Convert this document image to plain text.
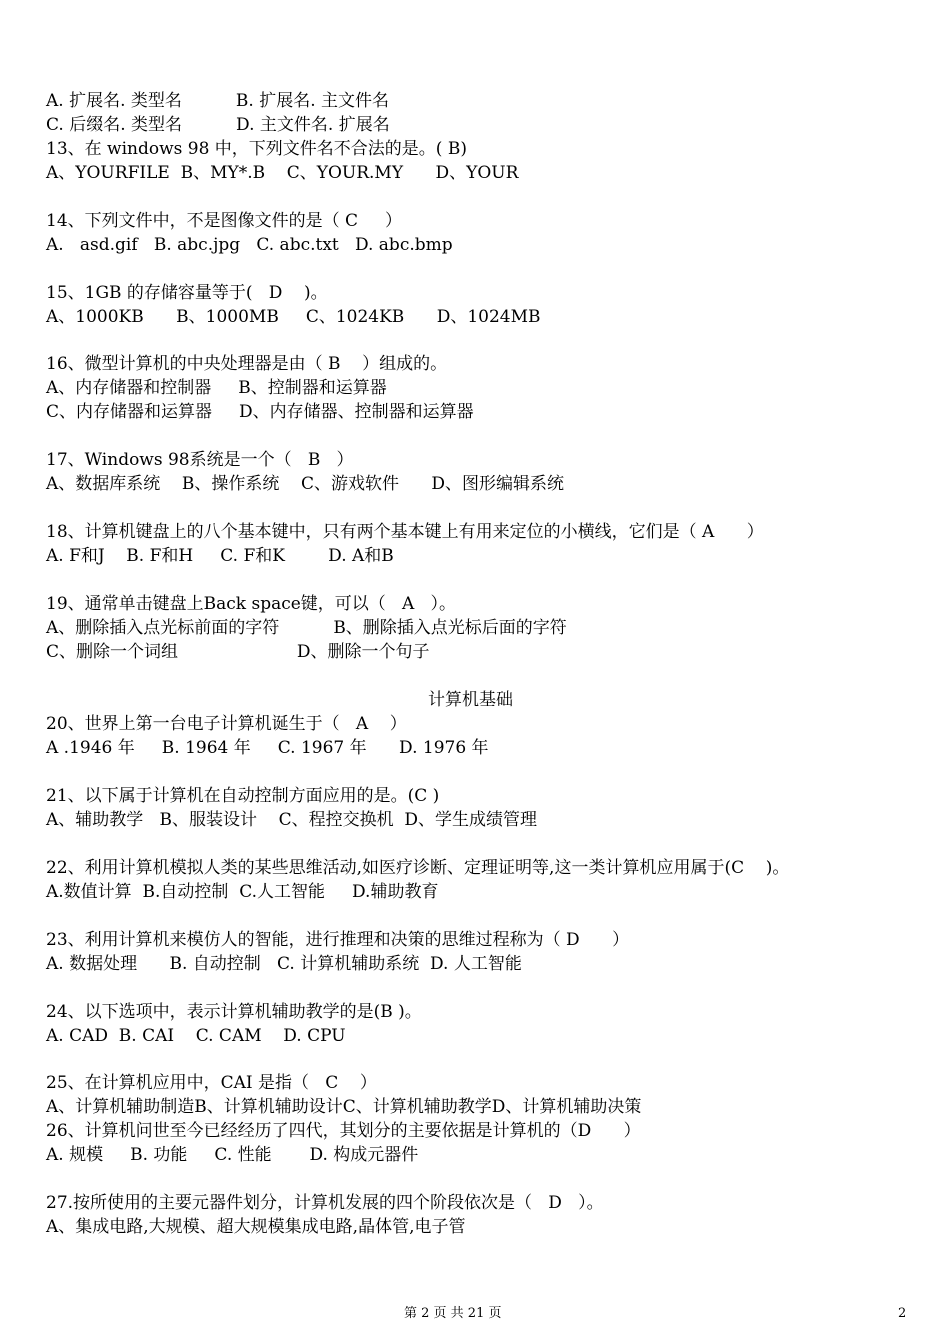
A. 扩展名. 类型名          B. 扩展名. 主文件名
C. 后缀名. 类型名          D. 主文件名. 扩展名
13、在 windows 98 中，下列文件名不合法的是。( B)
A、YOURFILE  B、MY*.B    C、YOUR.MY      D、YOUR
14、下列文件中，不是图像文件的是（ C     ）
A.   asd.gif   B. abc.jpg   C. abc.txt   D. abc.bmp
15、1GB 的存储容量等于(   D    )。
A、1000KB      B、1000MB     C、1024KB      D、1024MB
16、微型计算机的中央处理器是由（ B    ）组成的。
A、内存储器和控制器     B、控制器和运算器
C、内存储器和运算器     D、内存储器、控制器和运算器
17、Windows 98系统是一个（   B   ）
A、数据库系统    B、操作系统    C、游戏软件      D、图形编辑系统
18、计算机键盘上的八个基本键中，只有两个基本键上有用来定位的小横线，它们是（ A      ）
A. F和J    B. F和H     C. F和K        D. A和B
19、通常单击键盘上Back space键，可以（   A   ）。
A、删除插入点光标前面的字符          B、删除插入点光标后面的字符
C、删除一个词组                      D、删除一个句子
计算机基础
20、世界上第一台电子计算机诞生于（   A    ）
A .1946 年     B. 1964 年     C. 1967 年      D. 1976 年
21、以下属于计算机在自动控制方面应用的是。(C )
A、辅助教学   B、服装设计    C、程控交换机  D、学生成绩管理
22、利用计算机模拟人类的某些思维活动,如医疗诊断、定理证明等,这一类计算机应用属于(C    )。
A.数值计算  B.自动控制  C.人工智能     D.辅助教育
23、利用计算机来模仿人的智能，进行推理和决策的思维过程称为（ D      ）
A. 数据处理      B. 自动控制   C. 计算机辅助系统  D. 人工智能
24、以下选项中，表示计算机辅助教学的是(B )。
A. CAD  B. CAI    C. CAM    D. CPU
25、在计算机应用中，CAI 是指（   C    ）
A、计算机辅助制造B、计算机辅助设计C、计算机辅助教学D、计算机辅助决策
26、计算机问世至今已经经历了四代，其划分的主要依据是计算机的（D      ）
A. 规模     B. 功能     C. 性能       D. 构成元器件
27.按所使用的主要元器件划分，计算机发展的四个阶段依次是（   D   ）。
A、集成电路,大规模、超大规模集成电路,晶体管,电子管
第 2 页 共 21 页	2
